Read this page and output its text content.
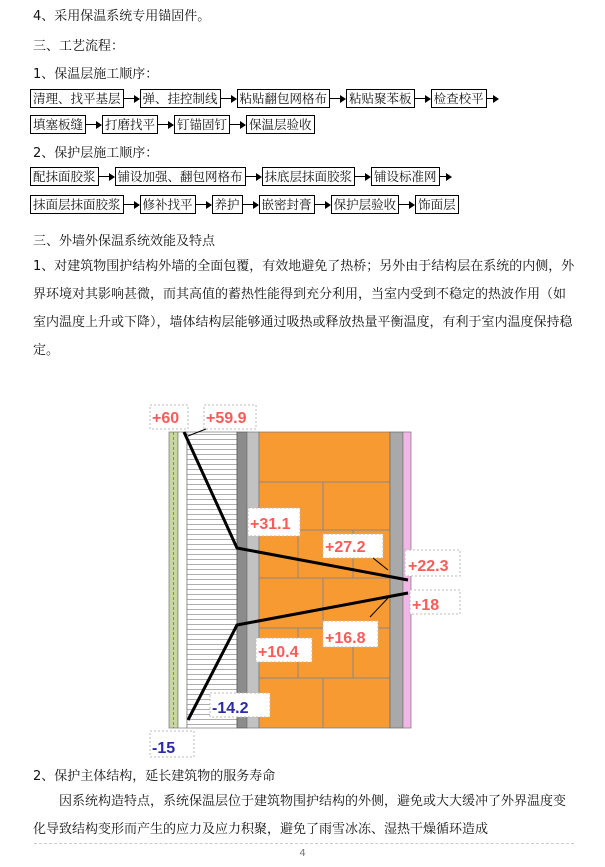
4、采用保温系统专用锚固件。
三、工艺流程：
1、保温层施工顺序：
清理、找平基层 弹、挂控制线 粘贴翻包网格布 粘贴聚苯板 检查校平
填塞板缝 打磨找平 钉锚固钉 保温层验收
2、保护层施工顺序：
配抹面胶浆 铺设加强、翻包网格布 抹底层抹面胶浆 铺设标准网
抹面层抹面胶浆 修补找平 养护 嵌密封膏 保护层验收 饰面层
三、外墙外保温系统效能及特点
1、对建筑物围护结构外墙的全面包覆，有效地避免了热桥；另外由于结构层在系统的内侧，外界环境对其影响甚微，而其高值的蓄热性能得到充分利用，当室内受到不稳定的热波作用（如室内温度上升或下降），墙体结构层能够通过吸热或释放热量平衡温度，有利于室内温度保持稳定。
+60 +59.9
+31.1
+27.2
+22.3
+18
+16.8
+10.4
-14.2
-15
2、保护主体结构，延长建筑物的服务寿命
因系统构造特点，系统保温层位于建筑物围护结构的外侧，避免或大大缓冲了外界温度变化导致结构变形而产生的应力及应力积聚，避免了雨雪冰冻、湿热干燥循环造成
4
